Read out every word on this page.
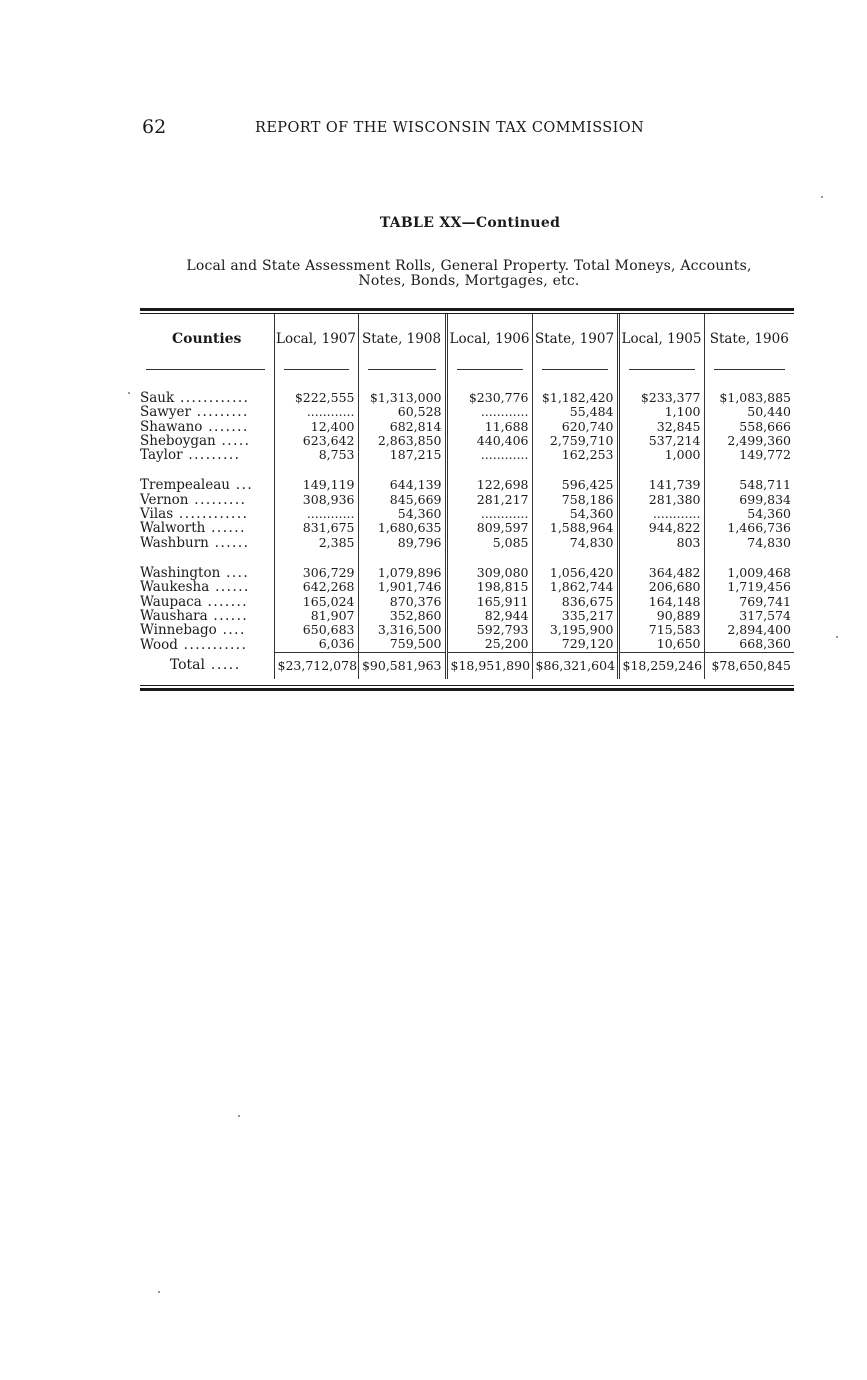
62	REPORT OF THE WISCONSIN TAX COMMISSION
TABLE XX—Continued
Local and State Assessment Rolls, General Property. Total Moneys, Accounts,
Notes, Bonds, Mortgages, etc.
Counties	Local, 1907	State, 1908	Local, 1906	State, 1907	Local, 1905	State, 1906

Sauk ............	$222,555	$1,313,000	$230,776	$1,182,420	$233,377	$1,083,885
Sawyer .........	............	60,528	............	55,484	1,100	50,440
Shawano .......	12,400	682,814	11,688	620,740	32,845	558,666
Sheboygan .....	623,642	2,863,850	440,406	2,759,710	537,214	2,499,360
Taylor .........	8,753	187,215	............	162,253	1,000	149,772

Trempealeau ...	149,119	644,139	122,698	596,425	141,739	548,711
Vernon .........	308,936	845,669	281,217	758,186	281,380	699,834
Vilas ............	............	54,360	............	54,360	............	54,360
Walworth ......	831,675	1,680,635	809,597	1,588,964	944,822	1,466,736
Washburn ......	2,385	89,796	5,085	74,830	803	74,830

Washington ....	306,729	1,079,896	309,080	1,056,420	364,482	1,009,468
Waukesha ......	642,268	1,901,746	198,815	1,862,744	206,680	1,719,456
Waupaca .......	165,024	870,376	165,911	836,675	164,148	769,741
Waushara ......	81,907	352,860	82,944	335,217	90,889	317,574
Winnebago ....	650,683	3,316,500	592,793	3,195,900	715,583	2,894,400
Wood ...........	6,036	759,500	25,200	729,120	10,650	668,360
Total .....	$23,712,078	$90,581,963	$18,951,890	$86,321,604	$18,259,246	$78,650,845
